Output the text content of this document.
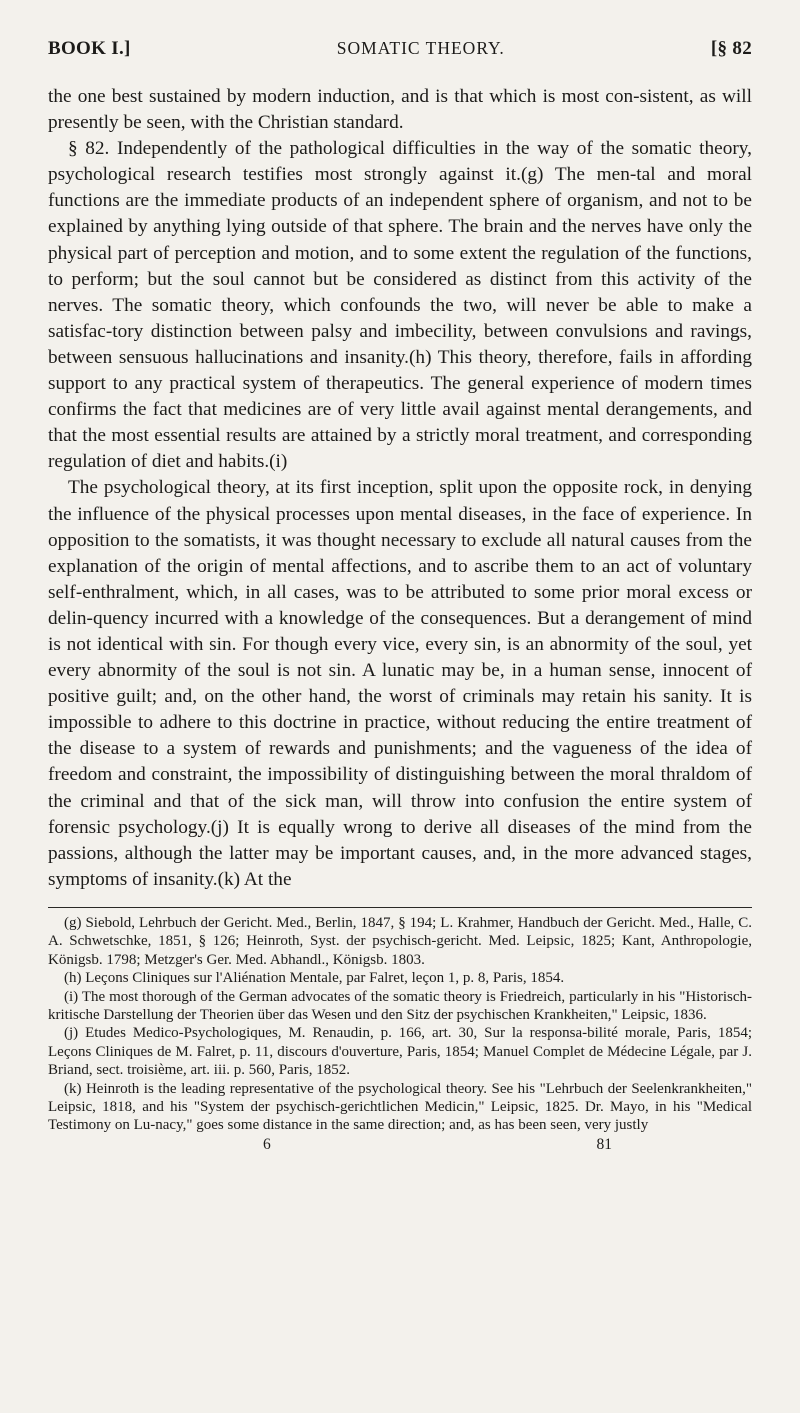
BOOK I.]	SOMATIC THEORY.	[§ 82

the one best sustained by modern induction, and is that which is most con-sistent, as will presently be seen, with the Christian standard.

§ 82. Independently of the pathological difficulties in the way of the somatic theory, psychological research testifies most strongly against it.(g) The men-tal and moral functions are the immediate products of an independent sphere of organism, and not to be explained by anything lying outside of that sphere. The brain and the nerves have only the physical part of perception and motion, and to some extent the regulation of the functions, to perform; but the soul cannot but be considered as distinct from this activity of the nerves. The somatic theory, which confounds the two, will never be able to make a satisfac-tory distinction between palsy and imbecility, between convulsions and ravings, between sensuous hallucinations and insanity.(h) This theory, therefore, fails in affording support to any practical system of therapeutics. The general experience of modern times confirms the fact that medicines are of very little avail against mental derangements, and that the most essential results are attained by a strictly moral treatment, and corresponding regulation of diet and habits.(i)

The psychological theory, at its first inception, split upon the opposite rock, in denying the influence of the physical processes upon mental diseases, in the face of experience. In opposition to the somatists, it was thought necessary to exclude all natural causes from the explanation of the origin of mental affections, and to ascribe them to an act of voluntary self-enthralment, which, in all cases, was to be attributed to some prior moral excess or delin-quency incurred with a knowledge of the consequences. But a derangement of mind is not identical with sin. For though every vice, every sin, is an abnormity of the soul, yet every abnormity of the soul is not sin. A lunatic may be, in a human sense, innocent of positive guilt; and, on the other hand, the worst of criminals may retain his sanity. It is impossible to adhere to this doctrine in practice, without reducing the entire treatment of the disease to a system of rewards and punishments; and the vagueness of the idea of freedom and constraint, the impossibility of distinguishing between the moral thraldom of the criminal and that of the sick man, will throw into confusion the entire system of forensic psychology.(j) It is equally wrong to derive all diseases of the mind from the passions, although the latter may be important causes, and, in the more advanced stages, symptoms of insanity.(k) At the

(g) Siebold, Lehrbuch der Gericht. Med., Berlin, 1847, § 194; L. Krahmer, Handbuch der Gericht. Med., Halle, C. A. Schwetschke, 1851, § 126; Heinroth, Syst. der psychisch-gericht. Med. Leipsic, 1825; Kant, Anthropologie, Königsb. 1798; Metzger's Ger. Med. Abhandl., Königsb. 1803.

(h) Leçons Cliniques sur l'Aliénation Mentale, par Falret, leçon 1, p. 8, Paris, 1854.

(i) The most thorough of the German advocates of the somatic theory is Friedreich, particularly in his "Historisch-kritische Darstellung der Theorien über das Wesen und den Sitz der psychischen Krankheiten," Leipsic, 1836.

(j) Etudes Medico-Psychologiques, M. Renaudin, p. 166, art. 30, Sur la responsa-bilité morale, Paris, 1854; Leçons Cliniques de M. Falret, p. 11, discours d'ouverture, Paris, 1854; Manuel Complet de Médecine Légale, par J. Briand, sect. troisième, art. iii. p. 560, Paris, 1852.

(k) Heinroth is the leading representative of the psychological theory. See his "Lehrbuch der Seelenkrankheiten," Leipsic, 1818, and his "System der psychisch-gerichtlichen Medicin," Leipsic, 1825. Dr. Mayo, in his "Medical Testimony on Lu-nacy," goes some distance in the same direction; and, as has been seen, very justly

6	81
